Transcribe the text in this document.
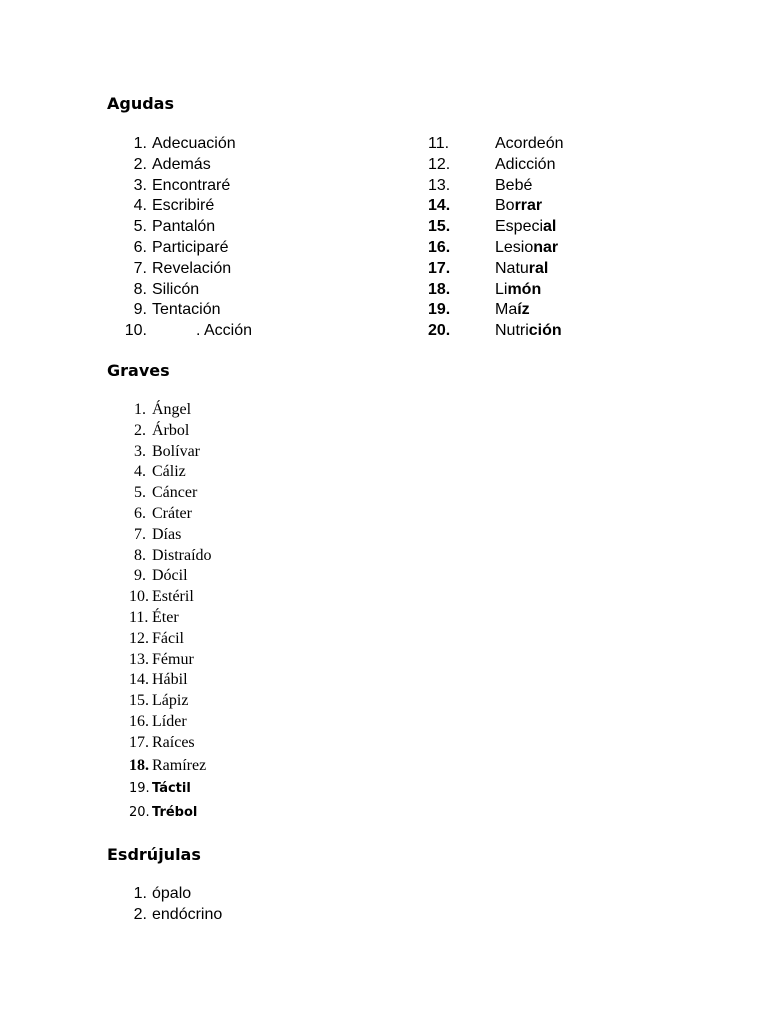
Agudas
1. Adecuación
2. Además
3. Encontraré
4. Escribiré
5. Pantalón
6. Participaré
7. Revelación
8. Silicón
9. Tentación
10.	. Acción
11.	Acordeón
12.	Adicción
13.	Bebé
14.	Borrar
15.	Especial
16.	Lesionar
17.	Natural
18.	Limón
19.	Maíz
20.	Nutrición
Graves
1. Ángel
2. Árbol
3. Bolívar
4. Cáliz
5. Cáncer
6. Cráter
7. Días
8. Distraído
9. Dócil
10. Estéril
11. Éter
12. Fácil
13. Fémur
14. Hábil
15. Lápiz
16. Líder
17. Raíces
18. Ramírez
19. Táctil
20. Trébol
Esdrújulas
1. ópalo
2. endócrino
